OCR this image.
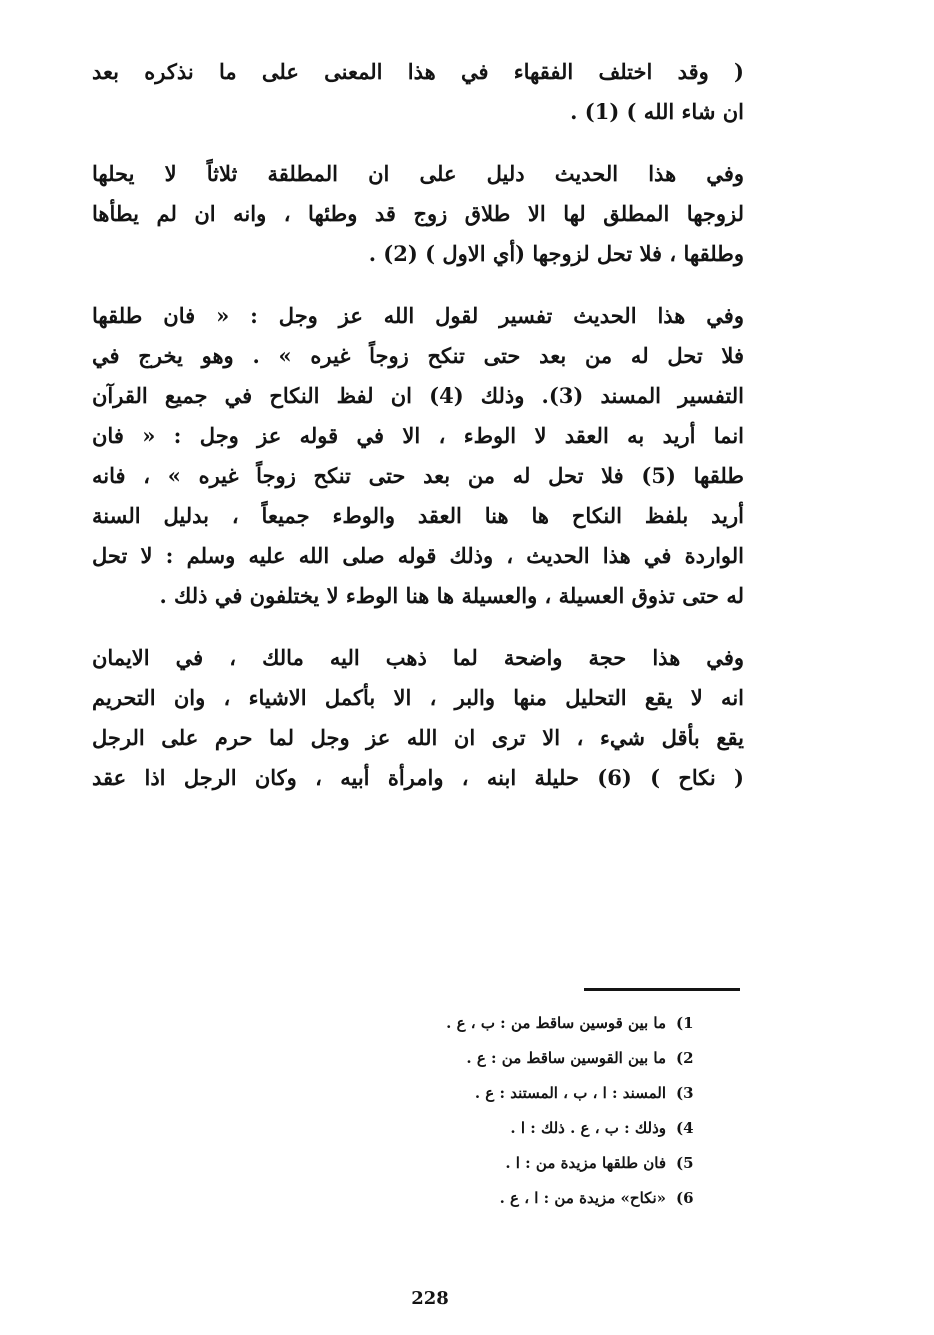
( وقد اختلف الفقهاء في هذا المعنى على ما نذكره بعد
ان شاء الله ) (1) .
وفي هذا الحديث دليل على ان المطلقة ثلاثاً لا يحلها
لزوجها المطلق لها الا طلاق زوج قد وطئها ، وانه ان لم يطأها
وطلقها ، فلا تحل لزوجها (أي الاول ) (2) .
وفي هذا الحديث تفسير لقول الله عز وجل : « فان طلقها
فلا تحل له من بعد حتى تنكح زوجاً غيره » . وهو يخرج في
التفسير المسند (3). وذلك (4) ان لفظ النكاح في جميع القرآن
انما أريد به العقد لا الوطء ، الا في قوله عز وجل : « فان
طلقها (5) فلا تحل له من بعد حتى تنكح زوجاً غيره » ، فانه
أريد بلفظ النكاح ها هنا العقد والوطء جميعاً ، بدليل السنة
الواردة في هذا الحديث ، وذلك قوله صلى الله عليه وسلم : لا تحل
له حتى تذوق العسيلة ، والعسيلة ها هنا الوطء لا يختلفون في ذلك .
وفي هذا حجة واضحة لما ذهب اليه مالك ، في الايمان
انه لا يقع التحليل منها والبر ، الا بأكمل الاشياء ، وان التحريم
يقع بأقل شيء ، الا ترى ان الله عز وجل لما حرم على الرجل
( نكاح ) (6) حليلة ابنه ، وامرأة أبيه ، وكان الرجل اذا عقد
1)
ما بين قوسين ساقط من : ب ، ع .
2)
ما بين القوسين ساقط من : ع .
3)
المسند : ا ، ب ، المستند : ع .
4)
وذلك : ب ، ع . ذلك : ا .
5)
فان طلقها مزيدة من : ا .
6)
«نكاح» مزيدة من : ا ، ع .
228
